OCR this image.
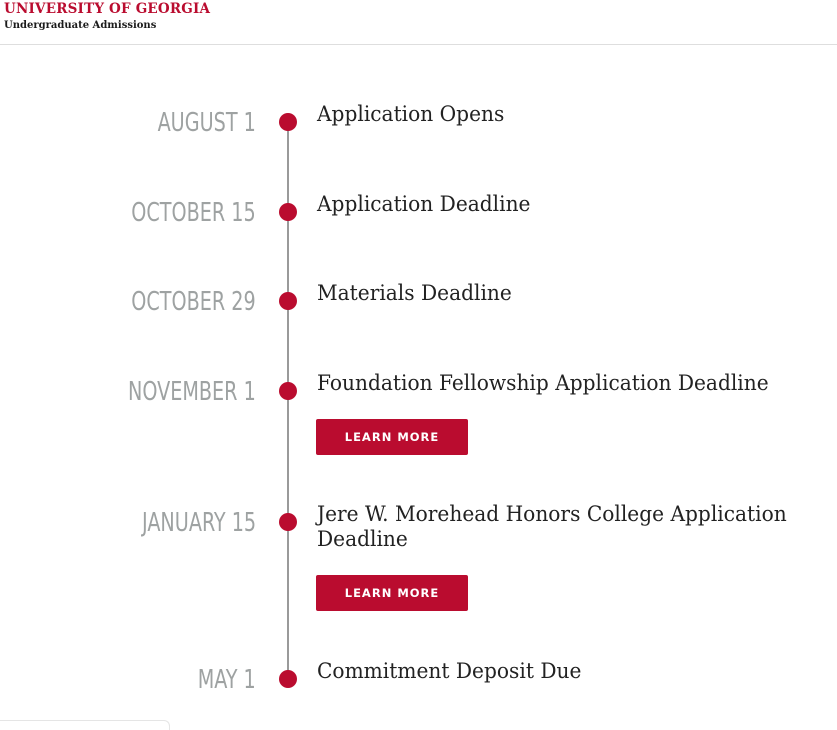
UNIVERSITY OF GEORGIA
Undergraduate Admissions
AUGUST 1	Application Opens
OCTOBER 15	Application Deadline
OCTOBER 29	Materials Deadline
NOVEMBER 1	Foundation Fellowship Application Deadline
LEARN MORE
JANUARY 15	Jere W. Morehead Honors College Application Deadline
LEARN MORE
MAY 1	Commitment Deposit Due
